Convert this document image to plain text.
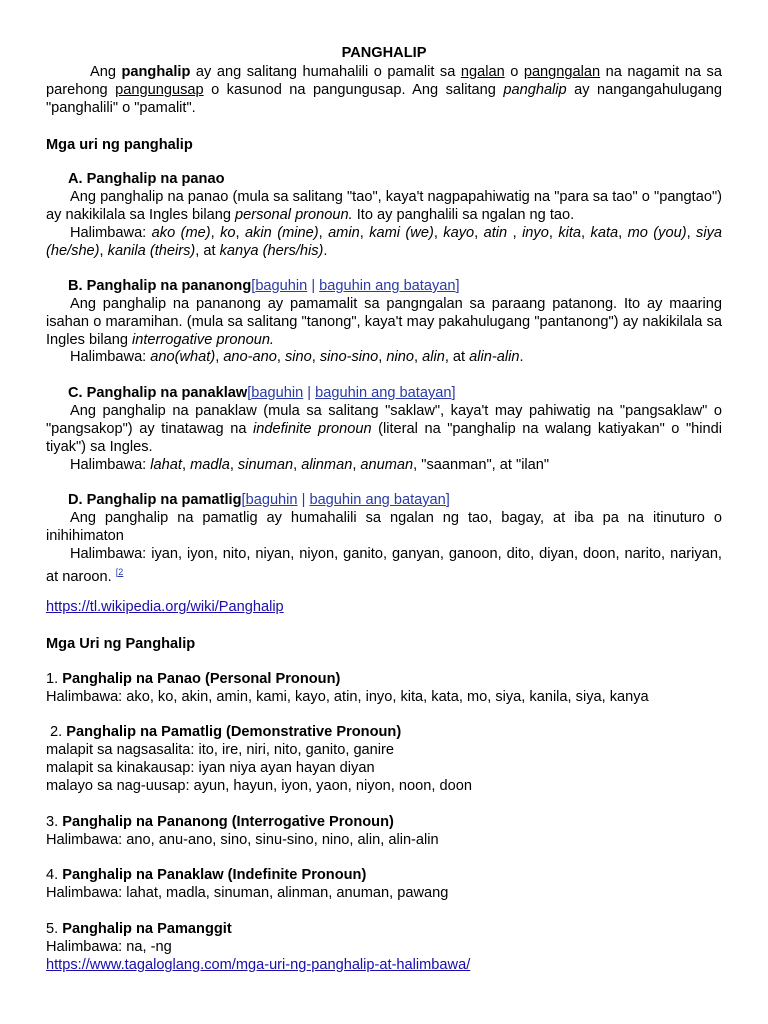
PANGHALIP

Ang panghalip ay ang salitang humahalili o pamalit sa ngalan o pangngalan na nagamit na sa parehong pangungusap o kasunod na pangungusap. Ang salitang panghalip ay nangangahulugang "panghalili" o "pamalit".

Mga uri ng panghalip

A. Panghalip na panao

Ang panghalip na panao (mula sa salitang "tao", kaya't nagpapahiwatig na "para sa tao" o "pangtao") ay nakikilala sa Ingles bilang personal pronoun. Ito ay panghalili sa ngalan ng tao.

Halimbawa: ako (me), ko, akin (mine), amin, kami (we), kayo, atin , inyo, kita, kata, mo (you), siya (he/she), kanila (theirs), at kanya (hers/his).

B. Panghalip na pananong[baguhin | baguhin ang batayan]

Ang panghalip na pananong ay pamamalit sa pangngalan sa paraang patanong. Ito ay maaring isahan o maramihan. (mula sa salitang "tanong", kaya't may pakahulugang "pantanong") ay nakikilala sa Ingles bilang interrogative pronoun.

Halimbawa: ano(what), ano-ano, sino, sino-sino, nino, alin, at alin-alin.

C. Panghalip na panaklaw[baguhin | baguhin ang batayan]

Ang panghalip na panaklaw (mula sa salitang "saklaw", kaya't may pahiwatig na "pangsaklaw" o "pangsakop") ay tinatawag na indefinite pronoun (literal na "panghalip na walang katiyakan" o "hindi tiyak") sa Ingles.

Halimbawa: lahat, madla, sinuman, alinman, anuman, "saanman", at "ilan"

D. Panghalip na pamatlig[baguhin | baguhin ang batayan]

Ang panghalip na pamatlig ay humahalili sa ngalan ng tao, bagay, at iba pa na itinuturo o inihihimaton

Halimbawa: iyan, iyon, nito, niyan, niyon, ganito, ganyan, ganoon, dito, diyan, doon, narito, nariyan, at naroon. $^{[2}$

https://tl.wikipedia.org/wiki/Panghalip

Mga Uri ng Panghalip

1. Panghalip na Panao (Personal Pronoun)

Halimbawa: ako, ko, akin, amin, kami, kayo, atin, inyo, kita, kata, mo, siya, kanila, siya, kanya

2. Panghalip na Pamatlig (Demonstrative Pronoun)

malapit sa nagsasalita: ito, ire, niri, nito, ganito, ganire

malapit sa kinakausap: iyan niya ayan hayan diyan

malayo sa nag-uusap: ayun, hayun, iyon, yaon, niyon, noon, doon

3. Panghalip na Pananong (Interrogative Pronoun)

Halimbawa: ano, anu-ano, sino, sinu-sino, nino, alin, alin-alin

4. Panghalip na Panaklaw (Indefinite Pronoun)

Halimbawa: lahat, madla, sinuman, alinman, anuman, pawang

5. Panghalip na Pamanggit

Halimbawa: na, -ng

https://www.tagaloglang.com/mga-uri-ng-panghalip-at-halimbawa/
